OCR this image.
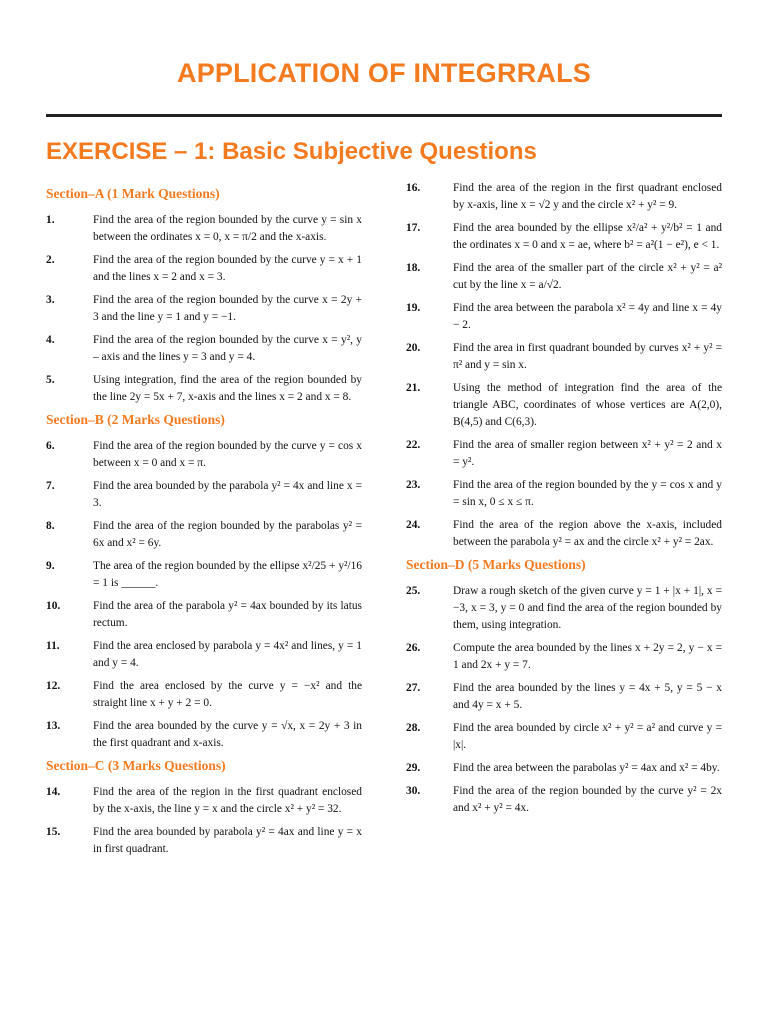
APPLICATION OF INTEGRRALS
EXERCISE – 1: Basic Subjective Questions
Section–A (1 Mark Questions)
1.	Find the area of the region bounded by the curve y = sin x between the ordinates x = 0, x = π/2 and the x-axis.
2.	Find the area of the region bounded by the curve y = x + 1 and the lines x = 2 and x = 3.
3.	Find the area of the region bounded by the curve x = 2y + 3 and the line y = 1 and y = −1.
4.	Find the area of the region bounded by the curve x = y², y – axis and the lines y = 3 and y = 4.
5.	Using integration, find the area of the region bounded by the line 2y = 5x + 7, x-axis and the lines x = 2 and x = 8.
Section–B (2 Marks Questions)
6.	Find the area of the region bounded by the curve y = cos x between x = 0 and x = π.
7.	Find the area bounded by the parabola y² = 4x and line x = 3.
8.	Find the area of the region bounded by the parabolas y² = 6x and x² = 6y.
9.	The area of the region bounded by the ellipse x²/25 + y²/16 = 1 is ______.
10.	Find the area of the parabola y² = 4ax bounded by its latus rectum.
11.	Find the area enclosed by parabola y = 4x² and lines, y = 1 and y = 4.
12.	Find the area enclosed by the curve y = −x² and the straight line x + y + 2 = 0.
13.	Find the area bounded by the curve y = √x, x = 2y + 3 in the first quadrant and x-axis.
Section–C (3 Marks Questions)
14.	Find the area of the region in the first quadrant enclosed by the x-axis, the line y = x and the circle x² + y² = 32.
15.	Find the area bounded by parabola y² = 4ax and line y = x in first quadrant.
16.	Find the area of the region in the first quadrant enclosed by x-axis, line x = √2 y and the circle x² + y² = 9.
17.	Find the area bounded by the ellipse x²/a² + y²/b² = 1 and the ordinates x = 0 and x = ae, where b² = a²(1 − e²), e < 1.
18.	Find the area of the smaller part of the circle x² + y² = a² cut by the line x = a/√2.
19.	Find the area between the parabola x² = 4y and line x = 4y − 2.
20.	Find the area in first quadrant bounded by curves x² + y² = π² and y = sin x.
21.	Using the method of integration find the area of the triangle ABC, coordinates of whose vertices are A(2,0), B(4,5) and C(6,3).
22.	Find the area of smaller region between x² + y² = 2 and x = y².
23.	Find the area of the region bounded by the y = cos x and y = sin x, 0 ≤ x ≤ π.
24.	Find the area of the region above the x-axis, included between the parabola y² = ax and the circle x² + y² = 2ax.
Section–D (5 Marks Questions)
25.	Draw a rough sketch of the given curve y = 1 + |x + 1|, x = −3, x = 3, y = 0 and find the area of the region bounded by them, using integration.
26.	Compute the area bounded by the lines x + 2y = 2, y − x = 1 and 2x + y = 7.
27.	Find the area bounded by the lines y = 4x + 5, y = 5 − x and 4y = x + 5.
28.	Find the area bounded by circle x² + y² = a² and curve y = |x|.
29.	Find the area between the parabolas y² = 4ax and x² = 4by.
30.	Find the area of the region bounded by the curve y² = 2x and x² + y² = 4x.
